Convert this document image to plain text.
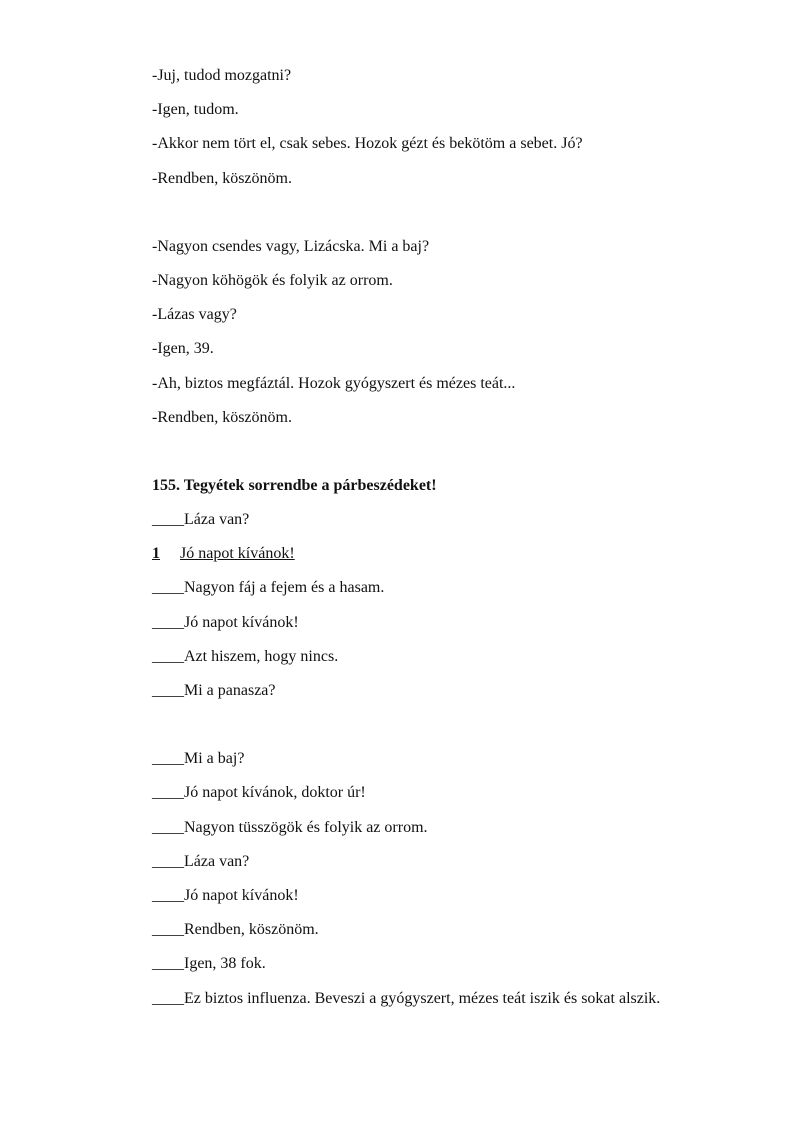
-Juj, tudod mozgatni?
-Igen, tudom.
-Akkor nem tört el, csak sebes. Hozok gézt és bekötöm a sebet. Jó?
-Rendben, köszönöm.
-Nagyon csendes vagy, Lizácska. Mi a baj?
-Nagyon köhögök és folyik az orrom.
-Lázas vagy?
-Igen, 39.
-Ah, biztos megfáztál. Hozok gyógyszert és mézes teát...
-Rendben, köszönöm.
155. Tegyétek sorrendbe a párbeszédeket!
____Láza van?
1 Jó napot kívánok!
____Nagyon fáj a fejem és a hasam.
____Jó napot kívánok!
____Azt hiszem, hogy nincs.
____Mi a panasza?
____Mi a baj?
____Jó napot kívánok, doktor úr!
____Nagyon tüsszögök és folyik az orrom.
____Láza van?
____Jó napot kívánok!
____Rendben, köszönöm.
____Igen, 38 fok.
____Ez biztos influenza. Beveszi a gyógyszert, mézes teát iszik és sokat alszik.
